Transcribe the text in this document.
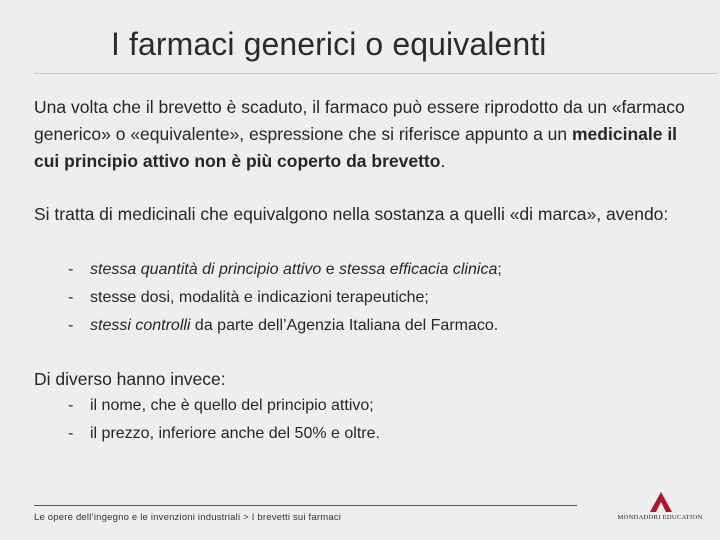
I farmaci generici o equivalenti
Una volta che il brevetto è scaduto, il farmaco può essere riprodotto da un «farmaco generico» o «equivalente», espressione che si riferisce appunto a un medicinale il cui principio attivo non è più coperto da brevetto.
Si tratta di medicinali che equivalgono nella sostanza a quelli «di marca», avendo:
- stessa quantità di principio attivo e stessa efficacia clinica;
- stesse dosi, modalità e indicazioni terapeutiche;
- stessi controlli da parte dell’Agenzia Italiana del Farmaco.
Di diverso hanno invece:
- il nome, che è quello del principio attivo;
- il prezzo, inferiore anche del 50% e oltre.
Le opere dell’ingegno e le invenzioni industriali > I brevetti sui farmaci	MONDADORI EDUCATION
